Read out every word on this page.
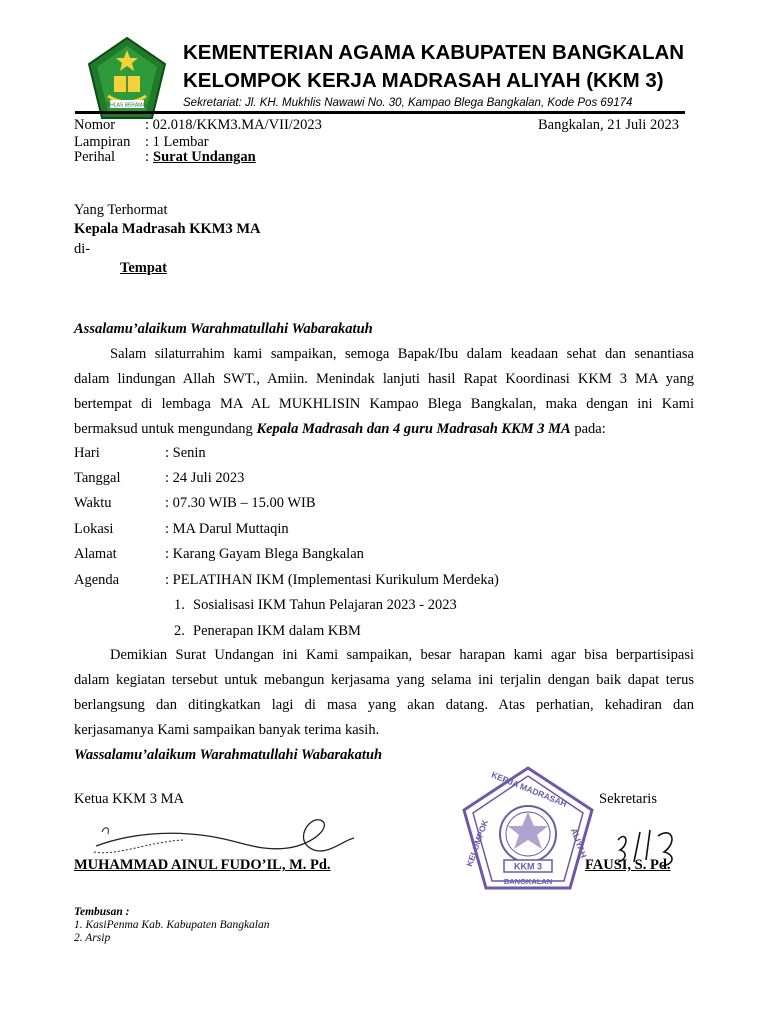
IKHLAS BERAMAL
KEMENTERIAN AGAMA KABUPATEN BANGKALAN
KELOMPOK KERJA MADRASAH ALIYAH (KKM 3)
Sekretariat: Jl. KH. Mukhlis Nawawi No. 30, Kampao Blega Bangkalan, Kode Pos 69174
Nomor : 02.018/KKM3.MA/VII/2023	Bangkalan, 21 Juli 2023
Lampiran : 1 Lembar
Perihal : Surat Undangan
Yang Terhormat
Kepala Madrasah KKM3 MA
di-
Tempat
Assalamu’alaikum Warahmatullahi Wabarakatuh
Salam silaturrahim kami sampaikan, semoga Bapak/Ibu dalam keadaan sehat dan senantiasa
dalam lindungan Allah SWT., Amiin. Menindak lanjuti hasil Rapat Koordinasi KKM 3 MA yang
bertempat di lembaga MA AL MUKHLISIN Kampao Blega Bangkalan, maka dengan ini Kami
bermaksud untuk mengundang Kepala Madrasah dan 4 guru Madrasah KKM 3 MA pada:
Hari	: Senin
Tanggal	: 24 Juli 2023
Waktu	: 07.30 WIB – 15.00 WIB
Lokasi	: MA Darul Muttaqin
Alamat	: Karang Gayam Blega Bangkalan
Agenda	: PELATIHAN IKM (Implementasi Kurikulum Merdeka)
1. Sosialisasi IKM Tahun Pelajaran 2023 - 2023
2. Penerapan IKM dalam KBM
Demikian Surat Undangan ini Kami sampaikan, besar harapan kami agar bisa berpartisipasi
dalam kegiatan tersebut untuk mebangun kerjasama yang selama ini terjalin dengan baik dapat terus
berlangsung dan ditingkatkan lagi di masa yang akan datang. Atas perhatian, kehadiran dan
kerjasamanya Kami sampaikan banyak terima kasih.
Wassalamu’alaikum Warahmatullahi Wabarakatuh
Ketua KKM 3 MA	Sekretaris
KKM 3
KERJA MADRASAH
KELOMPOK	ALIYAH
BANGKALAN
MUHAMMAD AINUL FUDO’IL, M. Pd.	FAUSI, S. Pd.
Tembusan :
1. KasiPenma Kab. Kabupaten Bangkalan
2. Arsip
